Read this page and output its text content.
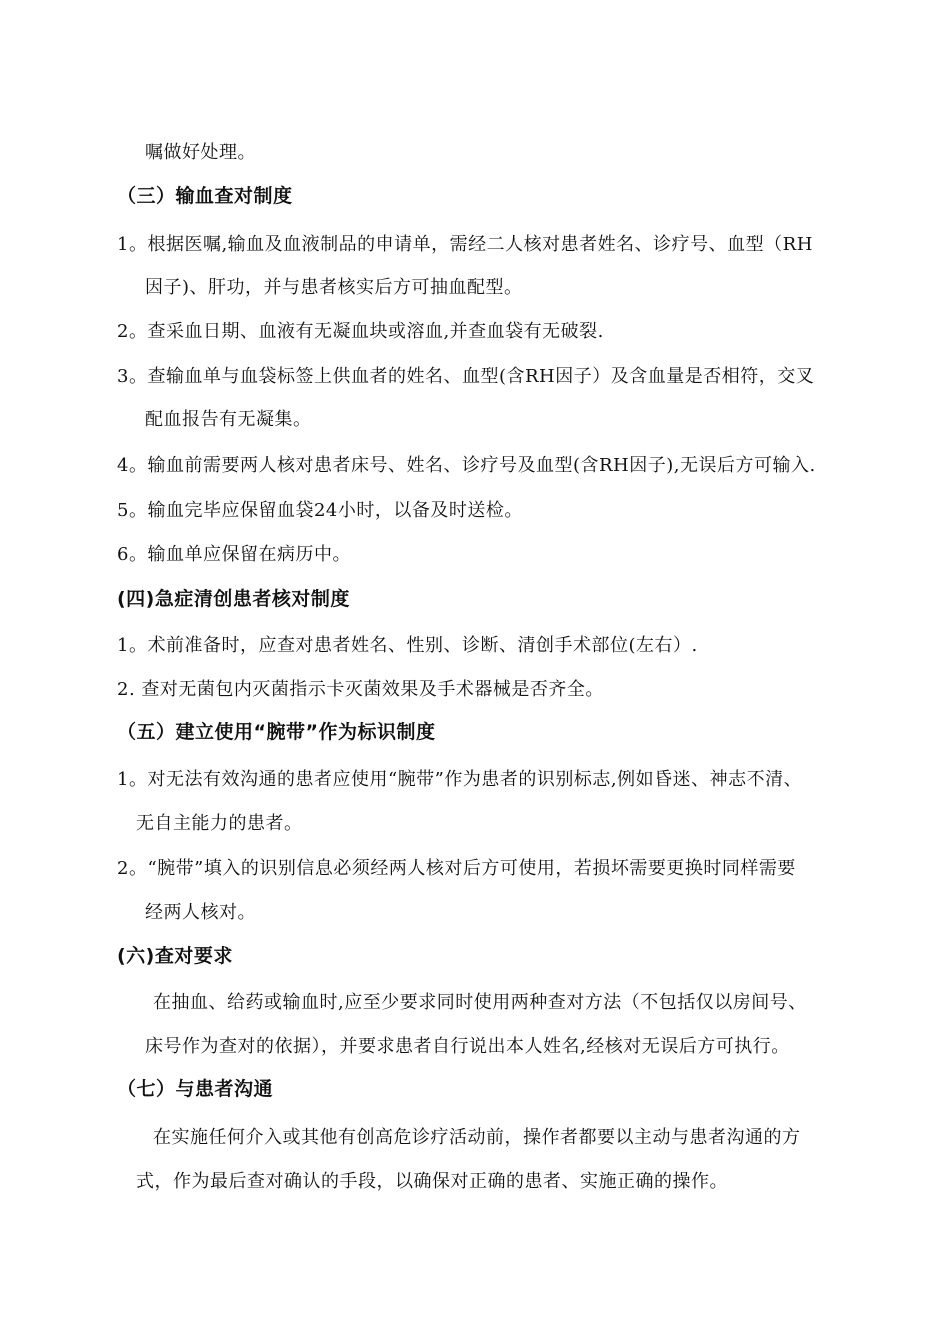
嘱做好处理。
（三）输血查对制度
1。根据医嘱,输血及血液制品的申请单，需经二人核对患者姓名、诊疗号、血型（RH
因子)、肝功，并与患者核实后方可抽血配型。
2。查采血日期、血液有无凝血块或溶血,并查血袋有无破裂.
3。查输血单与血袋标签上供血者的姓名、血型(含RH因子）及含血量是否相符，交叉
配血报告有无凝集。
4。输血前需要两人核对患者床号、姓名、诊疗号及血型(含RH因子),无误后方可输入.
5。输血完毕应保留血袋24小时，以备及时送检。
6。输血单应保留在病历中。
(四)急症清创患者核对制度
1。术前准备时，应查对患者姓名、性别、诊断、清创手术部位(左右）.
2. 查对无菌包内灭菌指示卡灭菌效果及手术器械是否齐全。
（五）建立使用“腕带”作为标识制度
1。对无法有效沟通的患者应使用“腕带”作为患者的识别标志,例如昏迷、神志不清、
无自主能力的患者。
2。“腕带”填入的识别信息必须经两人核对后方可使用，若损坏需要更换时同样需要
经两人核对。
(六)查对要求
在抽血、给药或输血时,应至少要求同时使用两种查对方法（不包括仅以房间号、
床号作为查对的依据），并要求患者自行说出本人姓名,经核对无误后方可执行。
（七）与患者沟通
在实施任何介入或其他有创高危诊疗活动前，操作者都要以主动与患者沟通的方
式，作为最后查对确认的手段，以确保对正确的患者、实施正确的操作。
